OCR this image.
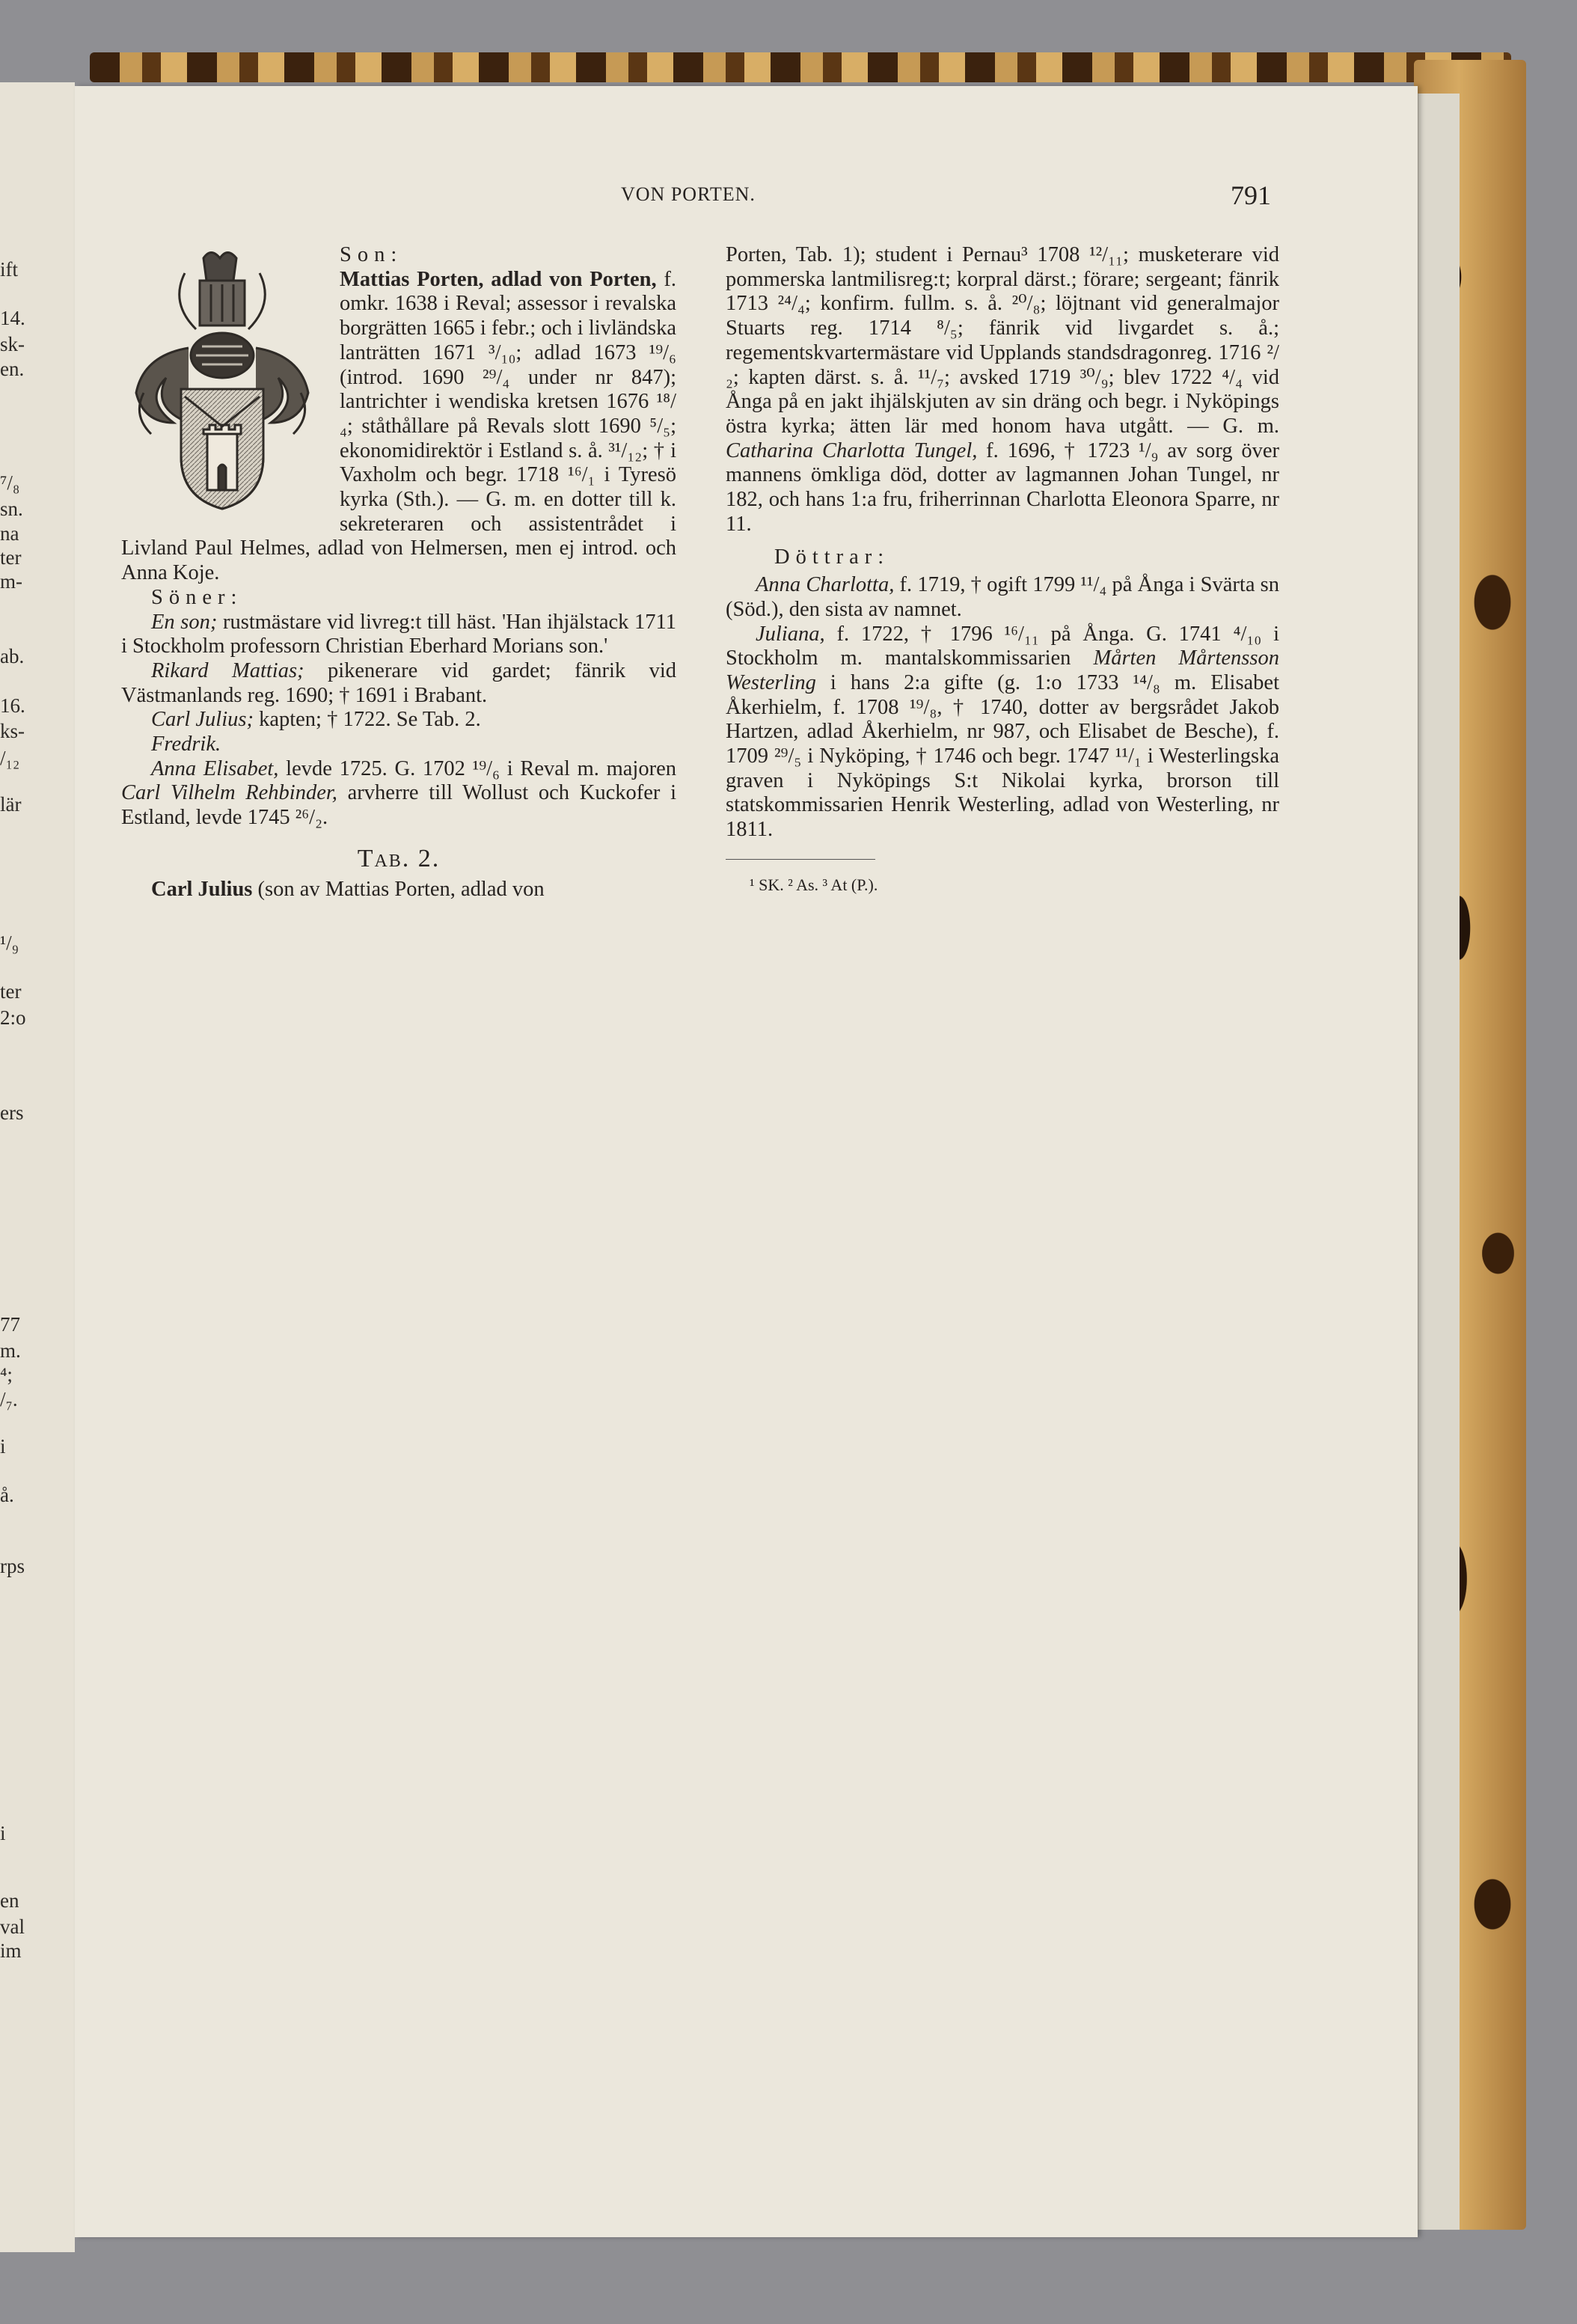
ift
14.
sk-
en.
⁷/₈
sn.
na
ter
m-
ab.
16.
ks-
/₁₂
lär
¹/₉
ter
2:o
ers
77
m.
⁴;
/₇.
i
å.
rps
i
en
val
im
VON PORTEN.	791

Son:

Mattias Porten, adlad von Porten, f. omkr. 1638 i Reval; assessor i revalska borgrätten 1665 i febr.; och i livländska lanträtten 1671 ³/₁₀; adlad 1673 ¹⁹/₆ (introd. 1690 ²⁹/₄ under nr 847); lantrichter i wendiska kretsen 1676 ¹⁸/₄; ståthållare på Revals slott 1690 ⁵/₅; ekonomidirektör i Estland s. å. ³¹/₁₂; † i Vaxholm och begr. 1718 ¹⁶/₁ i Tyresö kyrka (Sth.). — G. m. en dotter till k. sekreteraren och assistentrådet i Livland Paul Helmes, adlad von Helmersen, men ej introd. och Anna Koje.

Söner:

En son; rustmästare vid livreg:t till häst. 'Han ihjälstack 1711 i Stockholm professorn Christian Eberhard Morians son.'

Rikard Mattias; pikenerare vid gardet; fänrik vid Västmanlands reg. 1690; † 1691 i Brabant.

Carl Julius; kapten; † 1722. Se Tab. 2.

Fredrik.

Anna Elisabet, levde 1725. G. 1702 ¹⁹/₆ i Reval m. majoren Carl Vilhelm Rehbinder, arvherre till Wollust och Kuckofer i Estland, levde 1745 ²⁶/₂.

Tab. 2.

Carl Julius (son av Mattias Porten, adlad von

Porten, Tab. 1); student i Pernau³ 1708 ¹²/₁₁; musketerare vid pommerska lantmilisreg:t; korpral därst.; förare; sergeant; fänrik 1713 ²⁴/₄; konfirm. fullm. s. å. ²⁰/₈; löjtnant vid generalmajor Stuarts reg. 1714 ⁸/₅; fänrik vid livgardet s. å.; regementskvartermästare vid Upplands standsdragonreg. 1716 ²/₂; kapten därst. s. å. ¹¹/₇; avsked 1719 ³⁰/₉; blev 1722 ⁴/₄ vid Ånga på en jakt ihjälskjuten av sin dräng och begr. i Nyköpings östra kyrka; ätten lär med honom hava utgått. — G. m. Catharina Charlotta Tungel, f. 1696, † 1723 ¹/₉ av sorg över mannens ömkliga död, dotter av lagmannen Johan Tungel, nr 182, och hans 1:a fru, friherrinnan Charlotta Eleonora Sparre, nr 11.

Döttrar:

Anna Charlotta, f. 1719, † ogift 1799 ¹¹/₄ på Ånga i Svärta sn (Söd.), den sista av namnet.

Juliana, f. 1722, † 1796 ¹⁶/₁₁ på Ånga. G. 1741 ⁴/₁₀ i Stockholm m. mantalskommissarien Mårten Mårtensson Westerling i hans 2:a gifte (g. 1:o 1733 ¹⁴/₈ m. Elisabet Åkerhielm, f. 1708 ¹⁹/₈, † 1740, dotter av bergsrådet Jakob Hartzen, adlad Åkerhielm, nr 987, och Elisabet de Besche), f. 1709 ²⁹/₅ i Nyköping, † 1746 och begr. 1747 ¹¹/₁ i Westerlingska graven i Nyköpings S:t Nikolai kyrka, brorson till statskommissarien Henrik Westerling, adlad von Westerling, nr 1811.

¹ SK. ² As. ³ At (P.).
